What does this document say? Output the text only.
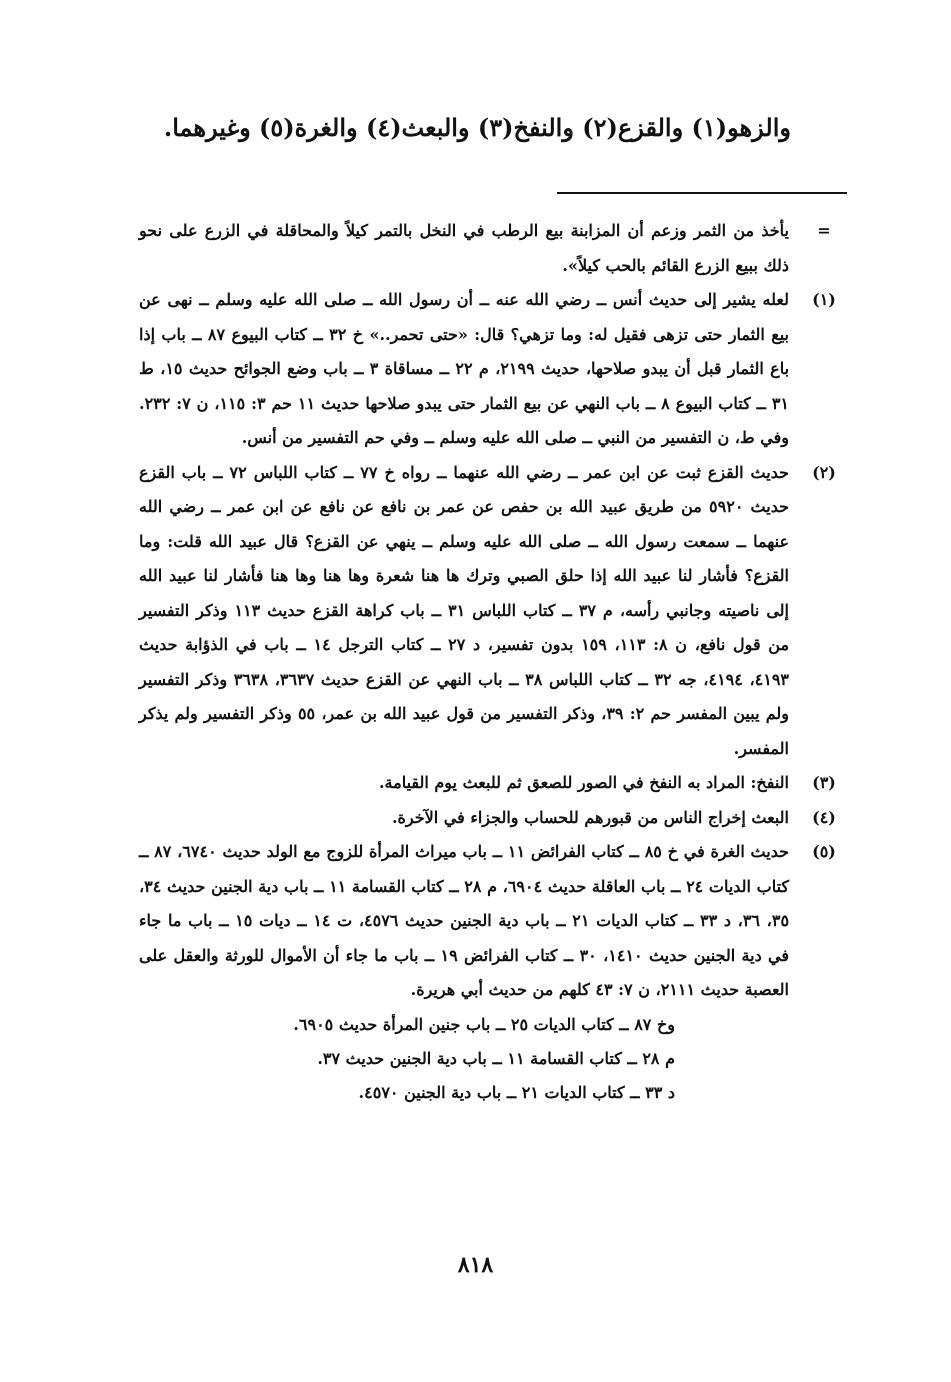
والزهو(١) والقزع(٢) والنفخ(٣) والبعث(٤) والغرة(٥) وغيرهما.
=

يأخذ من الثمر وزعم أن المزابنة بيع الرطب في النخل بالتمر كيلاً والمحاقلة في الزرع على نحو ذلك ببيع الزرع القائم بالحب كيلاً».

(١)

لعله يشير إلى حديث أنس ــ رضي الله عنه ــ أن رسول الله ــ صلى الله عليه وسلم ــ نهى عن بيع الثمار حتى تزهى فقيل له: وما تزهي؟ قال: «حتى تحمر..» خ ٣٢ ــ كتاب البيوع ٨٧ ــ باب إذا باع الثمار قبل أن يبدو صلاحها، حديث ٢١٩٩، م ٢٢ ــ مساقاة ٣ ــ باب وضع الجوائح حديث ١٥، ط ٣١ ــ كتاب البيوع ٨ ــ باب النهي عن بيع الثمار حتى يبدو صلاحها حديث ١١ حم ٣: ١١٥، ن ٧: ٢٣٢. وفي ط، ن التفسير من النبي ــ صلى الله عليه وسلم ــ وفي حم التفسير من أنس.

(٢)

حديث القزع ثبت عن ابن عمر ــ رضي الله عنهما ــ رواه خ ٧٧ ــ كتاب اللباس ٧٢ ــ باب القزع حديث ٥٩٢٠ من طريق عبيد الله بن حفص عن عمر بن نافع عن نافع عن ابن عمر ــ رضي الله عنهما ــ سمعت رسول الله ــ صلى الله عليه وسلم ــ ينهي عن القزع؟ قال عبيد الله قلت: وما القزع؟ فأشار لنا عبيد الله إذا حلق الصبي وترك ها هنا شعرة وها هنا وها هنا فأشار لنا عبيد الله إلى ناصيته وجانبي رأسه، م ٣٧ ــ كتاب اللباس ٣١ ــ باب كراهة القزع حديث ١١٣ وذكر التفسير من قول نافع، ن ٨: ١١٣، ١٥٩ بدون تفسير، د ٢٧ ــ كتاب الترجل ١٤ ــ باب في الذؤابة حديث ٤١٩٣، ٤١٩٤، جه ٣٢ ــ كتاب اللباس ٣٨ ــ باب النهي عن القزع حديث ٣٦٣٧، ٣٦٣٨ وذكر التفسير ولم يبين المفسر حم ٢: ٣٩، وذكر التفسير من قول عبيد الله بن عمر، ٥٥ وذكر التفسير ولم يذكر المفسر.

(٣)

النفخ: المراد به النفخ في الصور للصعق ثم للبعث يوم القيامة.

(٤)

البعث إخراج الناس من قبورهم للحساب والجزاء في الآخرة.

(٥)

حديث الغرة في خ ٨٥ ــ كتاب الفرائض ١١ ــ باب ميراث المرأة للزوج مع الولد حديث ٦٧٤٠، ٨٧ ــ كتاب الديات ٢٤ ــ باب العاقلة حديث ٦٩٠٤، م ٢٨ ــ كتاب القسامة ١١ ــ باب دية الجنين حديث ٣٤، ٣٥، ٣٦، د ٣٣ ــ كتاب الديات ٢١ ــ باب دية الجنين حديث ٤٥٧٦، ت ١٤ ــ ديات ١٥ ــ باب ما جاء في دية الجنين حديث ١٤١٠، ٣٠ ــ كتاب الفرائض ١٩ ــ باب ما جاء أن الأموال للورثة والعقل على العصبة حديث ٢١١١، ن ٧: ٤٣ كلهم من حديث أبي هريرة.

وخ ٨٧ ــ كتاب الديات ٢٥ ــ باب جنين المرأة حديث ٦٩٠٥.
م ٢٨ ــ كتاب القسامة ١١ ــ باب دية الجنين حديث ٣٧.
د ٣٣ ــ كتاب الديات ٢١ ــ باب دية الجنين ٤٥٧٠.
٨١٨
